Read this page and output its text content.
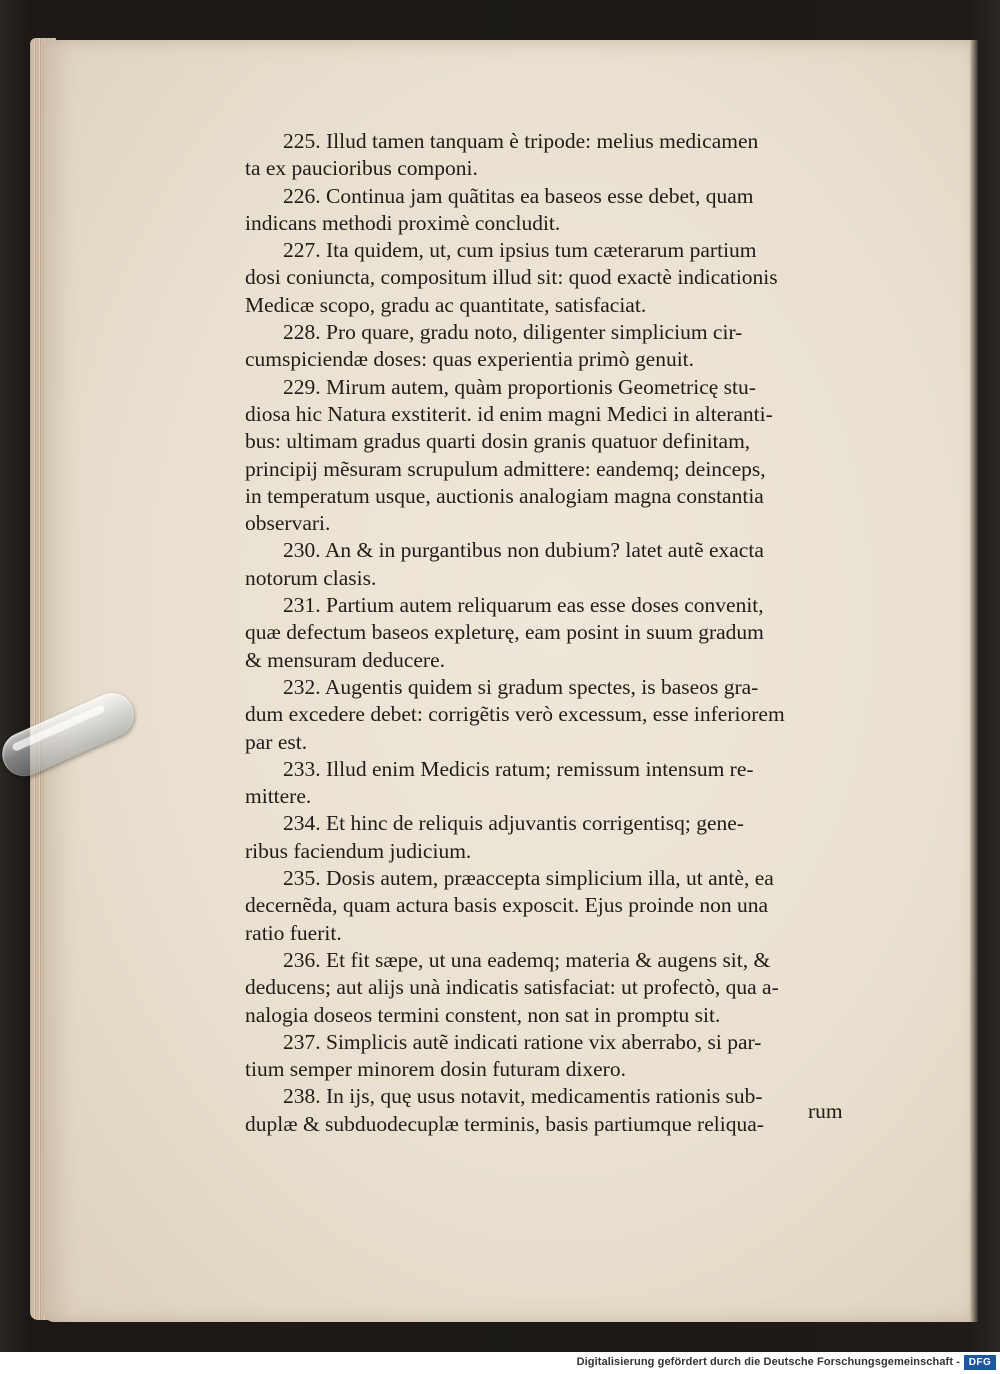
225. Illud tamen tanquam è tripode: melius medicamen
ta ex paucioribus componi.
226. Continua jam quãtitas ea baseos esse debet, quam
indicans methodi proximè concludit.
227. Ita quidem, ut, cum ipsius tum cæterarum partium
dosi coniuncta, compositum illud sit: quod exactè indicationis
Medicæ scopo, gradu ac quantitate, satisfaciat.
228. Pro quare, gradu noto, diligenter simplicium cir-
cumspiciendæ doses: quas experientia primò genuit.
229. Mirum autem, quàm proportionis Geometricę stu-
diosa hic Natura exstiterit. id enim magni Medici in alteranti-
bus: ultimam gradus quarti dosin granis quatuor definitam,
principij mẽsuram scrupulum admittere: eandemq; deinceps,
in temperatum usque, auctionis analogiam magna constantia
observari.
230. An & in purgantibus non dubium? latet autẽ exacta
notorum clasis.
231. Partium autem reliquarum eas esse doses convenit,
quæ defectum baseos expleturę, eam posint in suum gradum
& mensuram deducere.
232. Augentis quidem si gradum spectes, is baseos gra-
dum excedere debet: corrigẽtis verò excessum, esse inferiorem
par est.
233. Illud enim Medicis ratum; remissum intensum re-
mittere.
234. Et hinc de reliquis adjuvantis corrigentisq; gene-
ribus faciendum judicium.
235. Dosis autem, præaccepta simplicium illa, ut antè, ea
decernẽda, quam actura basis exposcit. Ejus proinde non una
ratio fuerit.
236. Et fit sæpe, ut una eademq; materia & augens sit, &
deducens; aut alijs unà indicatis satisfaciat: ut profectò, qua a-
nalogia doseos termini constent, non sat in promptu sit.
237. Simplicis autẽ indicati ratione vix aberrabo, si par-
tium semper minorem dosin futuram dixero.
238. In ijs, quę usus notavit, medicamentis rationis sub-
duplæ & subduodecuplæ terminis, basis partiumque reliqua-
rum
Digitalisierung gefördert durch die Deutsche Forschungsgemeinschaft - DFG
